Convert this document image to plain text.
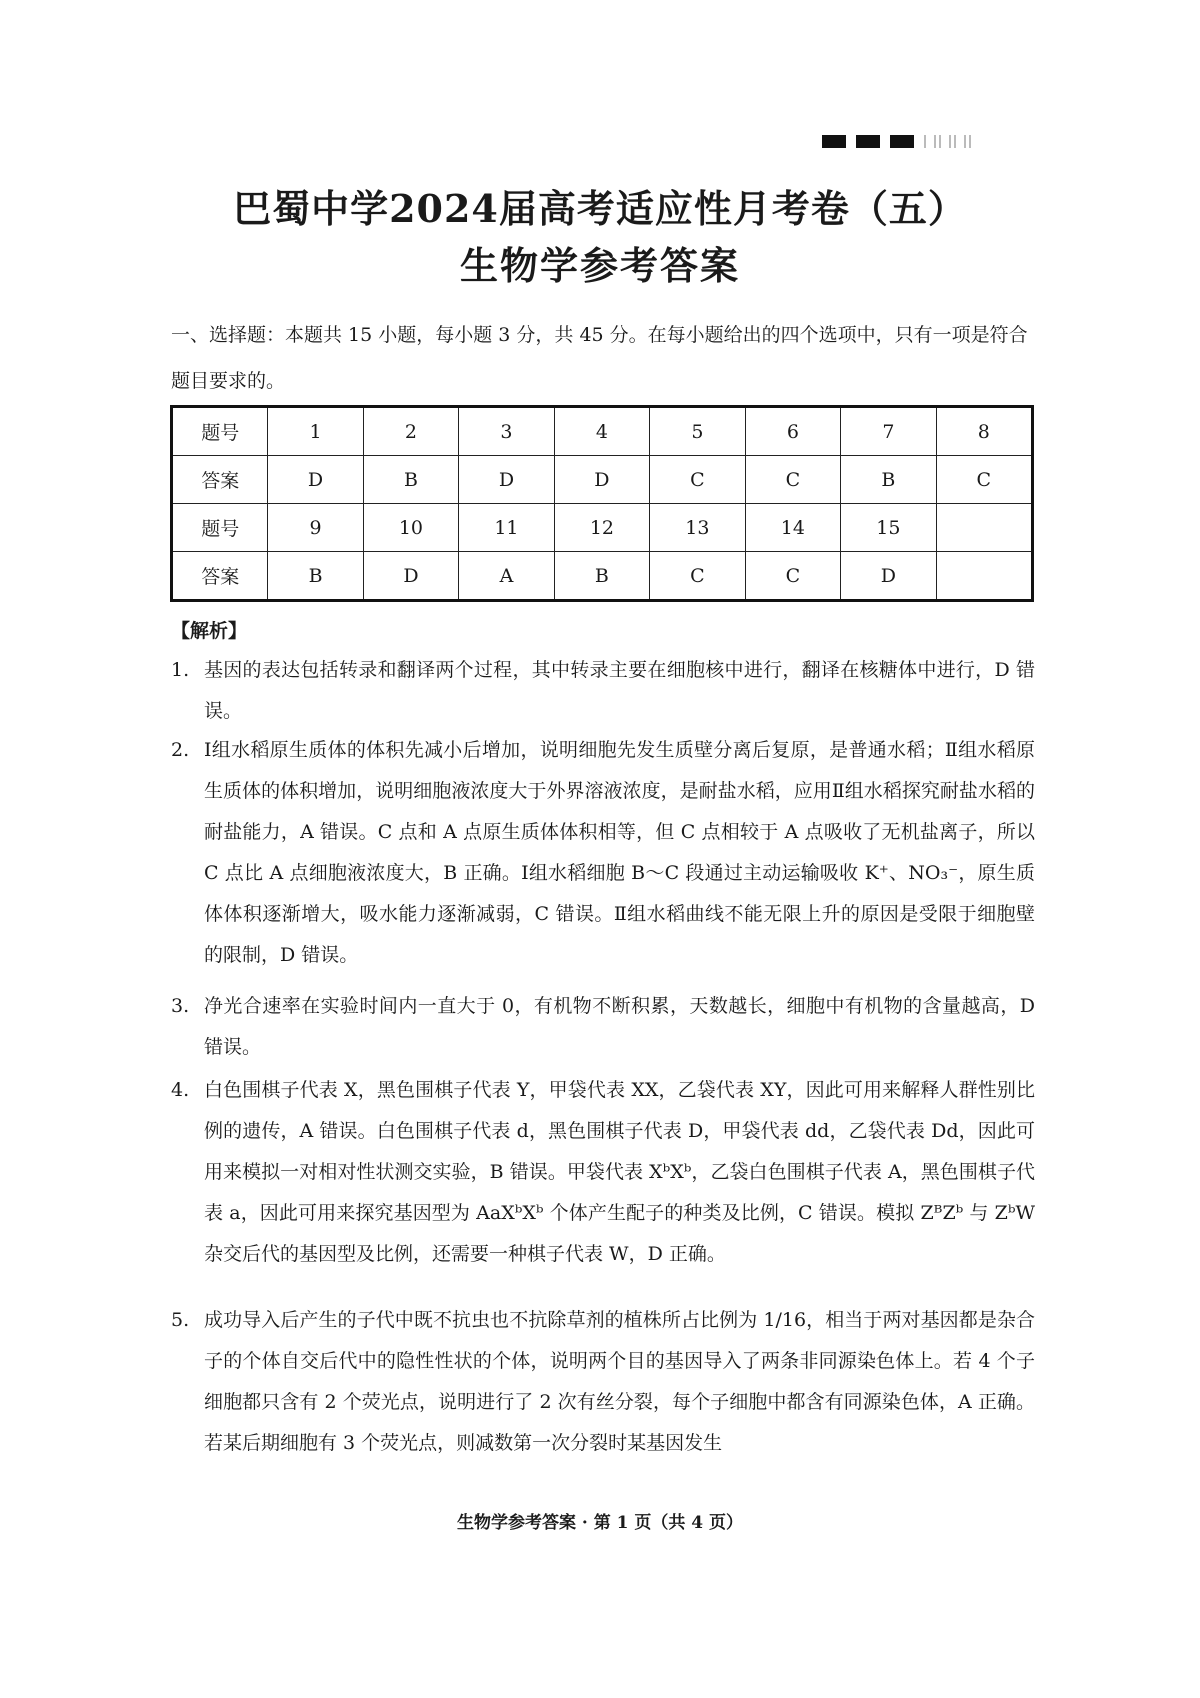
巴蜀中学2024届高考适应性月考卷（五）
生物学参考答案
一、选择题：本题共 15 小题，每小题 3 分，共 45 分。在每小题给出的四个选项中，只有一项是符合题目要求的。
题号	1	2	3	4	5	6	7	8
答案	D	B	D	D	C	C	B	C
题号	9	10	11	12	13	14	15	
答案	B	D	A	B	C	C	D	
【解析】
1. 基因的表达包括转录和翻译两个过程，其中转录主要在细胞核中进行，翻译在核糖体中进行，D 错误。
2. Ⅰ组水稻原生质体的体积先减小后增加，说明细胞先发生质壁分离后复原，是普通水稻；Ⅱ组水稻原生质体的体积增加，说明细胞液浓度大于外界溶液浓度，是耐盐水稻，应用Ⅱ组水稻探究耐盐水稻的耐盐能力，A 错误。C 点和 A 点原生质体体积相等，但 C 点相较于 A 点吸收了无机盐离子，所以 C 点比 A 点细胞液浓度大，B 正确。Ⅰ组水稻细胞 B～C 段通过主动运输吸收 K⁺、NO₃⁻，原生质体体积逐渐增大，吸水能力逐渐减弱，C 错误。Ⅱ组水稻曲线不能无限上升的原因是受限于细胞壁的限制，D 错误。
3. 净光合速率在实验时间内一直大于 0，有机物不断积累，天数越长，细胞中有机物的含量越高，D 错误。
4. 白色围棋子代表 X，黑色围棋子代表 Y，甲袋代表 XX，乙袋代表 XY，因此可用来解释人群性别比例的遗传，A 错误。白色围棋子代表 d，黑色围棋子代表 D，甲袋代表 dd，乙袋代表 Dd，因此可用来模拟一对相对性状测交实验，B 错误。甲袋代表 XᵇXᵇ，乙袋白色围棋子代表 A，黑色围棋子代表 a，因此可用来探究基因型为 AaXᵇXᵇ 个体产生配子的种类及比例，C 错误。模拟 ZᴮZᵇ 与 ZᵇW 杂交后代的基因型及比例，还需要一种棋子代表 W，D 正确。
5. 成功导入后产生的子代中既不抗虫也不抗除草剂的植株所占比例为 1/16，相当于两对基因都是杂合子的个体自交后代中的隐性性状的个体，说明两个目的基因导入了两条非同源染色体上。若 4 个子细胞都只含有 2 个荧光点，说明进行了 2 次有丝分裂，每个子细胞中都含有同源染色体，A 正确。若某后期细胞有 3 个荧光点，则减数第一次分裂时某基因发生
生物学参考答案 · 第 1 页（共 4 页）
